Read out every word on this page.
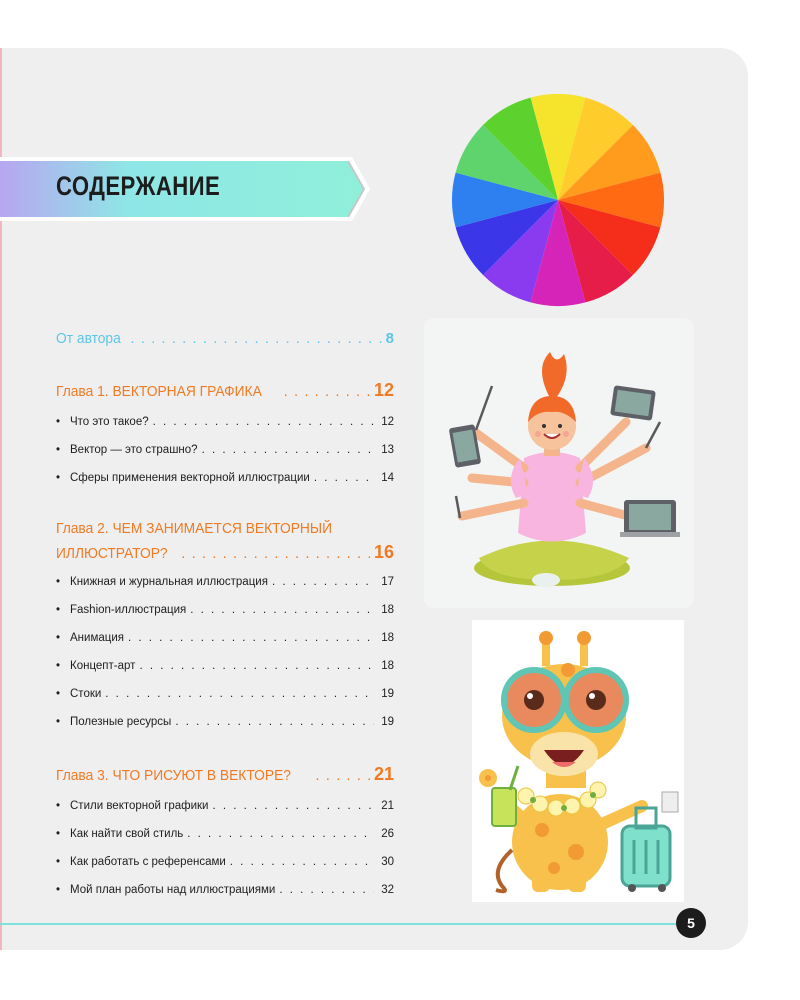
СОДЕРЖАНИЕ
От автора . . .	8
Глава 1. ВЕКТОРНАЯ ГРАФИКА . . .	12
• Что это такое? . . .	12
• Вектор — это страшно? . . .	13
• Сферы применения векторной иллюстрации . . .	14
Глава 2. ЧЕМ ЗАНИМАЕТСЯ ВЕКТОРНЫЙ
ИЛЛЮСТРАТОР? . . .	16
• Книжная и журнальная иллюстрация . . .	17
• Fashion-иллюстрация . . .	18
• Анимация . . .	18
• Концепт-арт . . .	18
• Стоки . . .	19
• Полезные ресурсы . . .	19
Глава 3. ЧТО РИСУЮТ В ВЕКТОРЕ? . . .	21
• Стили векторной графики . . .	21
• Как найти свой стиль . . .	26
• Как работать с референсами . . .	30
• Мой план работы над иллюстрациями . . .	32
5
